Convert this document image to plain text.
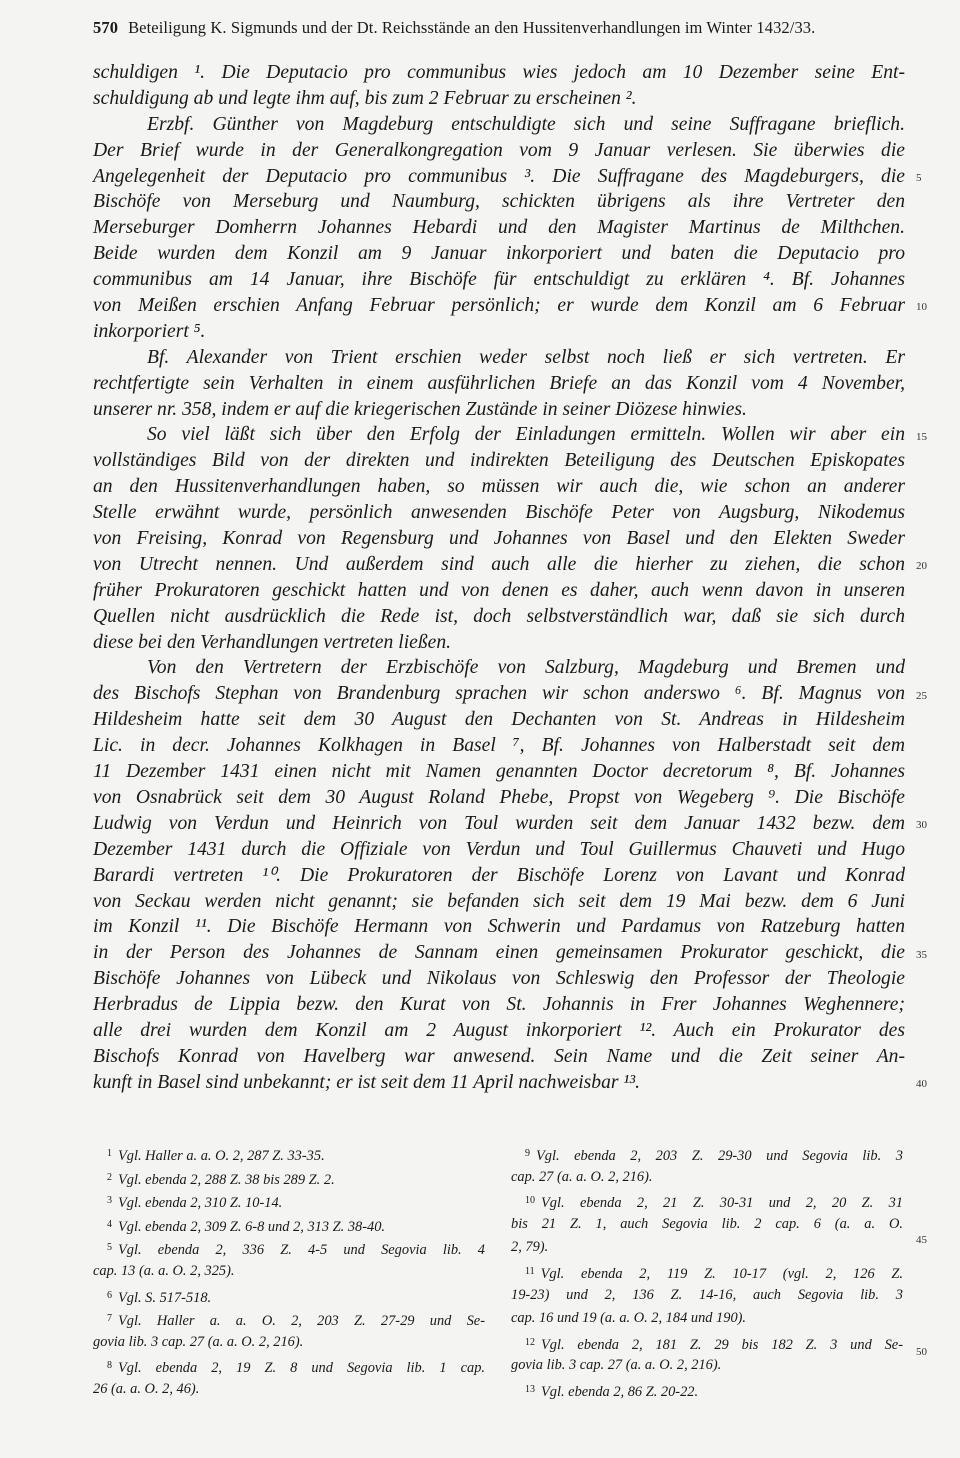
570 Beteiligung K. Sigmunds und der Dt. Reichsstände an den Hussitenverhandlungen im Winter 1432/33.
schuldigen ¹. Die Deputacio pro communibus wies jedoch am 10 Dezember seine Ent-
schuldigung ab und legte ihm auf, bis zum 2 Februar zu erscheinen ².
Erzbf. Günther von Magdeburg entschuldigte sich und seine Suffragane brieflich.
Der Brief wurde in der Generalkongregation vom 9 Januar verlesen. Sie überwies die
Angelegenheit der Deputacio pro communibus ³. Die Suffragane des Magdeburgers, die
Bischöfe von Merseburg und Naumburg, schickten übrigens als ihre Vertreter den
Merseburger Domherrn Johannes Hebardi und den Magister Martinus de Milthchen.
Beide wurden dem Konzil am 9 Januar inkorporiert und baten die Deputacio pro
communibus am 14 Januar, ihre Bischöfe für entschuldigt zu erklären ⁴. Bf. Johannes
von Meißen erschien Anfang Februar persönlich; er wurde dem Konzil am 6 Februar
inkorporiert ⁵.
Bf. Alexander von Trient erschien weder selbst noch ließ er sich vertreten. Er
rechtfertigte sein Verhalten in einem ausführlichen Briefe an das Konzil vom 4 November,
unserer nr. 358, indem er auf die kriegerischen Zustände in seiner Diözese hinwies.
So viel läßt sich über den Erfolg der Einladungen ermitteln. Wollen wir aber ein
vollständiges Bild von der direkten und indirekten Beteiligung des Deutschen Episkopates
an den Hussitenverhandlungen haben, so müssen wir auch die, wie schon an anderer
Stelle erwähnt wurde, persönlich anwesenden Bischöfe Peter von Augsburg, Nikodemus
von Freising, Konrad von Regensburg und Johannes von Basel und den Elekten Sweder
von Utrecht nennen. Und außerdem sind auch alle die hierher zu ziehen, die schon
früher Prokuratoren geschickt hatten und von denen es daher, auch wenn davon in unseren
Quellen nicht ausdrücklich die Rede ist, doch selbstverständlich war, daß sie sich durch
diese bei den Verhandlungen vertreten ließen.
Von den Vertretern der Erzbischöfe von Salzburg, Magdeburg und Bremen und
des Bischofs Stephan von Brandenburg sprachen wir schon anderswo ⁶. Bf. Magnus von
Hildesheim hatte seit dem 30 August den Dechanten von St. Andreas in Hildesheim
Lic. in decr. Johannes Kolkhagen in Basel ⁷, Bf. Johannes von Halberstadt seit dem
11 Dezember 1431 einen nicht mit Namen genannten Doctor decretorum ⁸, Bf. Johannes
von Osnabrück seit dem 30 August Roland Phebe, Propst von Wegeberg ⁹. Die Bischöfe
Ludwig von Verdun und Heinrich von Toul wurden seit dem Januar 1432 bezw. dem
Dezember 1431 durch die Offiziale von Verdun und Toul Guillermus Chauveti und Hugo
Barardi vertreten ¹⁰. Die Prokuratoren der Bischöfe Lorenz von Lavant und Konrad
von Seckau werden nicht genannt; sie befanden sich seit dem 19 Mai bezw. dem 6 Juni
im Konzil ¹¹. Die Bischöfe Hermann von Schwerin und Pardamus von Ratzeburg hatten
in der Person des Johannes de Sannam einen gemeinsamen Prokurator geschickt, die
Bischöfe Johannes von Lübeck und Nikolaus von Schleswig den Professor der Theologie
Herbradus de Lippia bezw. den Kurat von St. Johannis in Frer Johannes Weghennere;
alle drei wurden dem Konzil am 2 August inkorporiert ¹². Auch ein Prokurator des
Bischofs Konrad von Havelberg war anwesend. Sein Name und die Zeit seiner An-
kunft in Basel sind unbekannt; er ist seit dem 11 April nachweisbar ¹³.
5
10
15
20
25
30
35
40
45
50
$^1$ Vgl. Haller a. a. O. 2, 287 Z. 33-35.
$^2$ Vgl. ebenda 2, 288 Z. 38 bis 289 Z. 2.
$^3$ Vgl. ebenda 2, 310 Z. 10-14.
$^4$ Vgl. ebenda 2, 309 Z. 6-8 und 2, 313 Z. 38-40.
$^5$ Vgl. ebenda 2, 336 Z. 4-5 und Segovia lib. 4
cap. 13 (a. a. O. 2, 325).
$^6$ Vgl. S. 517-518.
$^7$ Vgl. Haller a. a. O. 2, 203 Z. 27-29 und Se-
govia lib. 3 cap. 27 (a. a. O. 2, 216).
$^8$ Vgl. ebenda 2, 19 Z. 8 und Segovia lib. 1 cap.
26 (a. a. O. 2, 46).
$^9$ Vgl. ebenda 2, 203 Z. 29-30 und Segovia lib. 3
cap. 27 (a. a. O. 2, 216).
$^{10}$ Vgl. ebenda 2, 21 Z. 30-31 und 2, 20 Z. 31
bis 21 Z. 1, auch Segovia lib. 2 cap. 6 (a. a. O.
2, 79).
$^{11}$ Vgl. ebenda 2, 119 Z. 10-17 (vgl. 2, 126 Z.
19-23) und 2, 136 Z. 14-16, auch Segovia lib. 3
cap. 16 und 19 (a. a. O. 2, 184 und 190).
$^{12}$ Vgl. ebenda 2, 181 Z. 29 bis 182 Z. 3 und Se-
govia lib. 3 cap. 27 (a. a. O. 2, 216).
$^{13}$ Vgl. ebenda 2, 86 Z. 20-22.
